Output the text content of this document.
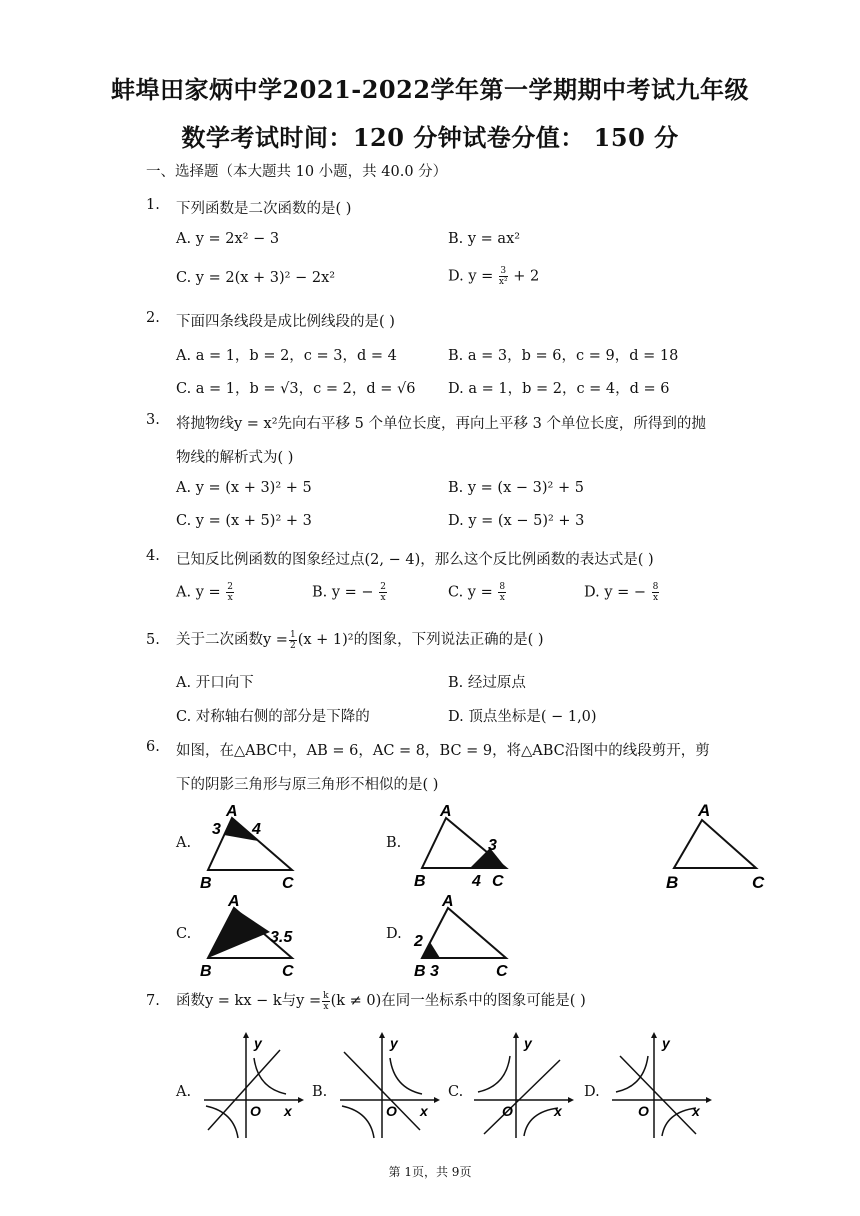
蚌埠田家炳中学2021-2022学年第一学期期中考试九年级
数学考试时间：120 分钟试卷分值： 150 分
一、选择题（本大题共 10 小题，共 40.0 分）
1. 下列函数是二次函数的是( )
A. y = 2x² − 3	B. y = ax²
C. y = 2(x + 3)² − 2x²	D. $y = \frac{3}{\text{x²}} + 2$
2. 下面四条线段是成比例线段的是( )
A. a = 1，b = 2，c = 3，d = 4	B. a = 3，b = 6，c = 9，d = 18
C. a = 1，b = √3，c = 2，d = √6 D. a = 1，b = 2，c = 4，d = 6
3. 将抛物线y = x²先向右平移 5 个单位长度，再向上平移 3 个单位长度，所得到的抛
物线的解析式为( )
A. y = (x + 3)² + 5	B. y = (x − 3)² + 5
C. y = (x + 5)² + 3	D. y = (x − 5)² + 3
4. 已知反比例函数的图象经过点(2, − 4)，那么这个反比例函数的表达式是( )
A. $y = \frac{2}{x}$	B. y = − $\frac{2}{x}$	C. $y = \frac{8}{x}$	D. y = − $\frac{8}{x}$
5. 关于二次函数$y = \frac{1}{2} (x + 1)^2$的图象，下列说法正确的是( )
A. 开口向下	B. 经过原点
C. 对称轴右侧的部分是下降的	D. 顶点坐标是( − 1,0)
6. 如图，在△ABC中，AB = 6，AC = 8，BC = 9，将△ABC沿图中的线段剪开，剪
下的阴影三角形与原三角形不相似的是( )
A.	B.
C.	D.
A
3 4
B	C
A
3
B	4 C
A
B	C
A
3.5
B	C
A
2
B 3	C
7. 函数y = kx − k与$y = \frac{k}{x} (k \ne 0)$在同一坐标系中的图象可能是( )
A.	B.	C.	D.
y
O x
y
O x
y
O	x
y
O	x
第 1页，共 9页
